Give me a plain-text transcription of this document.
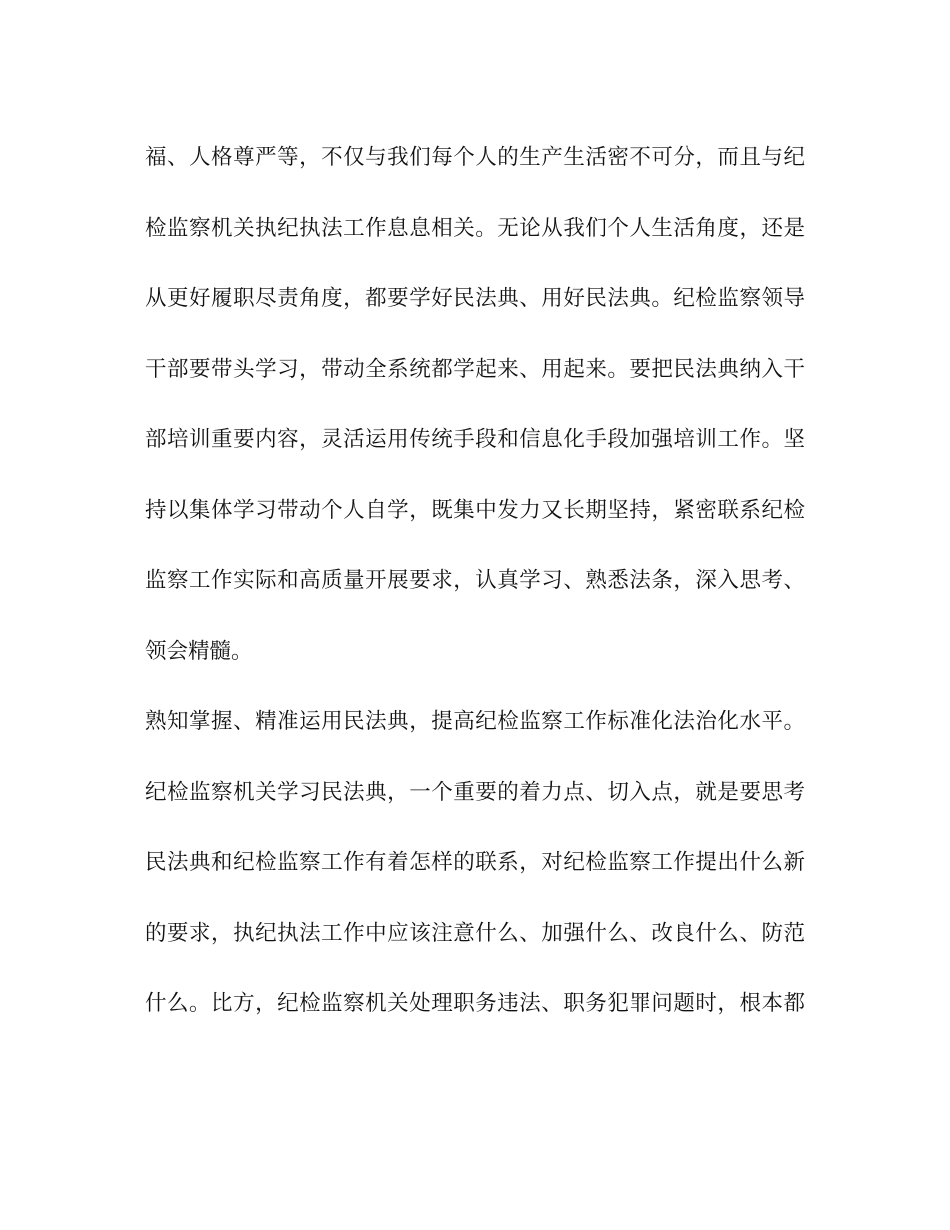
福、人格尊严等，不仅与我们每个人的生产生活密不可分，而且与纪
检监察机关执纪执法工作息息相关。无论从我们个人生活角度，还是
从更好履职尽责角度，都要学好民法典、用好民法典。纪检监察领导
干部要带头学习，带动全系统都学起来、用起来。要把民法典纳入干
部培训重要内容，灵活运用传统手段和信息化手段加强培训工作。坚
持以集体学习带动个人自学，既集中发力又长期坚持，紧密联系纪检
监察工作实际和高质量开展要求，认真学习、熟悉法条，深入思考、
领会精髓。
熟知掌握、精准运用民法典，提高纪检监察工作标准化法治化水平。
纪检监察机关学习民法典，一个重要的着力点、切入点，就是要思考
民法典和纪检监察工作有着怎样的联系，对纪检监察工作提出什么新
的要求，执纪执法工作中应该注意什么、加强什么、改良什么、防范
什么。比方，纪检监察机关处理职务违法、职务犯罪问题时，根本都
